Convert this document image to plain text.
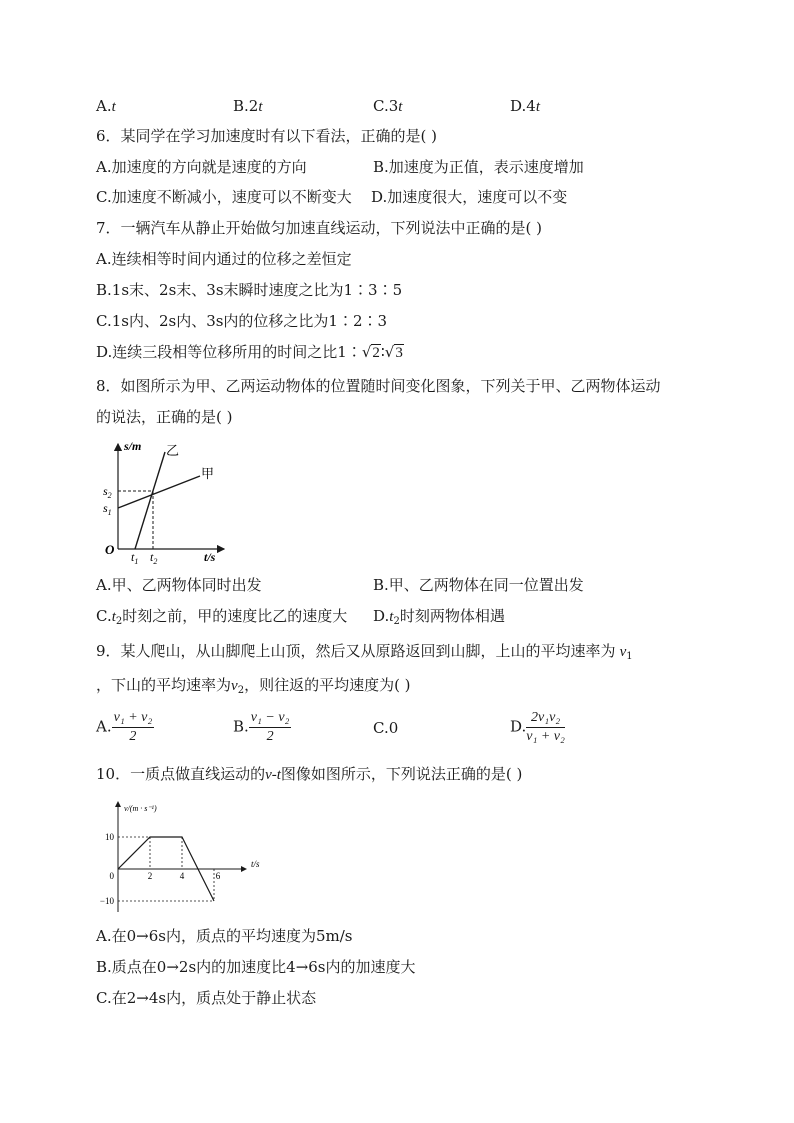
A.t	B.2t	C.3t	D.4t
6．某同学在学习加速度时有以下看法，正确的是( )
A.加速度的方向就是速度的方向	B.加速度为正值，表示速度增加
C.加速度不断减小，速度可以不断变大 D.加速度很大，速度可以不变
7．一辆汽车从静止开始做匀加速直线运动，下列说法中正确的是( )
A.连续相等时间内通过的位移之差恒定
B.1s末、2s末、3s末瞬时速度之比为1∶3∶5
C.1s内、2s内、3s内的位移之比为1∶2∶3
D.连续三段相等位移所用的时间之比1∶√2∶√3
8．如图所示为甲、乙两运动物体的位置随时间变化图象，下列关于甲、乙两物体运动
的说法，正确的是( )
s/m
t/s
O
$s_2$
$s_1$
$t_1$ $t_2$
乙
甲
A.甲、乙两物体同时出发	B.甲、乙两物体在同一位置出发
$C.t_2$时刻之前，甲的速度比乙的速度大 $D.t_2$时刻两物体相遇
9．某人爬山，从山脚爬上山顶，然后又从原路返回到山脚，上山的平均速率为 $v_1$
，下山的平均速率为$v_2$，则往返的平均速度为( )
A. $\frac{\text{v₁ + v₂}}{2}$	B. $\frac{\text{v₁ − v₂}}{2}$	C.0	D. $\frac{\text{2v₁v₂}}{\text{v₁ + v₂}}$
10．一质点做直线运动的v-t图像如图所示，下列说法正确的是( )
v/(m · s⁻¹)
t/s
10
0
−10
2	4	6
A.在0→6s内，质点的平均速度为5m/s
B.质点在0→2s内的加速度比4→6s内的加速度大
C.在2→4s内，质点处于静止状态
